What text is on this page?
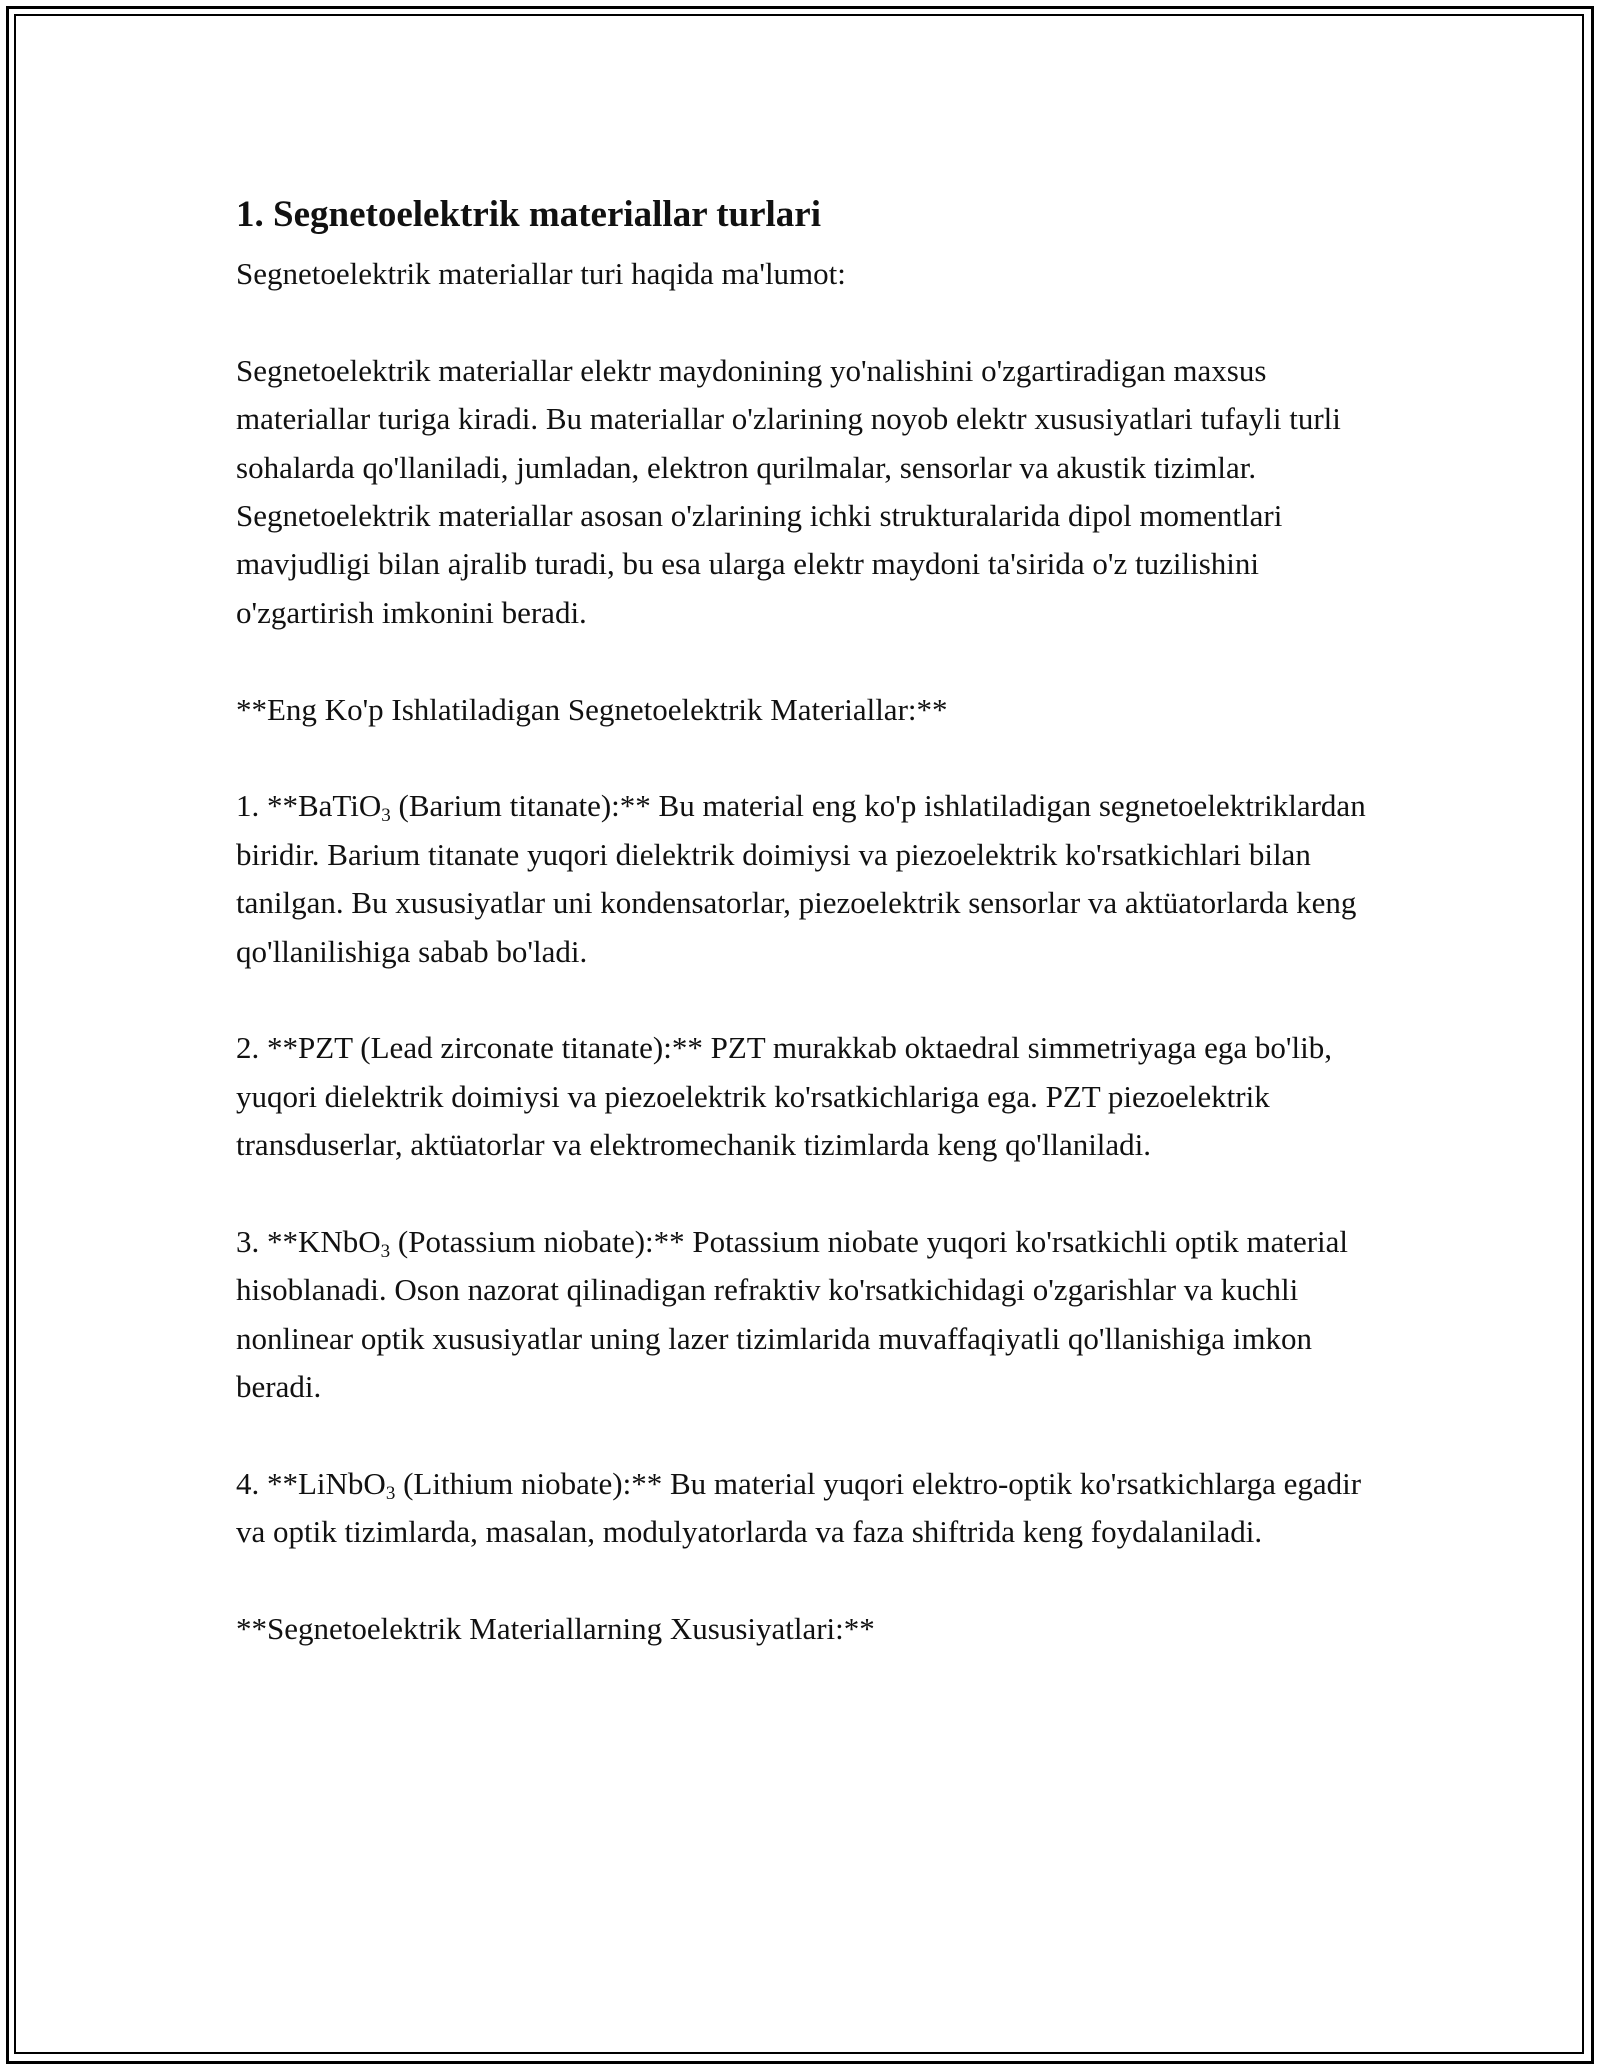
1. Segnetoelektrik materiallar turlari

Segnetoelektrik materiallar turi haqida ma'lumot:

Segnetoelektrik materiallar elektr maydonining yo'nalishini o'zgartiradigan maxsus materiallar turiga kiradi. Bu materiallar o'zlarining noyob elektr xususiyatlari tufayli turli sohalarda qo'llaniladi, jumladan, elektron qurilmalar, sensorlar va akustik tizimlar. Segnetoelektrik materiallar asosan o'zlarining ichki strukturalarida dipol momentlari mavjudligi bilan ajralib turadi, bu esa ularga elektr maydoni ta'sirida o'z tuzilishini o'zgartirish imkonini beradi.

**Eng Ko'p Ishlatiladigan Segnetoelektrik Materiallar:**

1. **BaTiO$_3$ (Barium titanate):** Bu material eng ko'p ishlatiladigan segnetoelektriklardan biridir. Barium titanate yuqori dielektrik doimiysi va piezoelektrik ko'rsatkichlari bilan tanilgan. Bu xususiyatlar uni kondensatorlar, piezoelektrik sensorlar va aktüatorlarda keng qo'llanilishiga sabab bo'ladi.

2. **PZT (Lead zirconate titanate):** PZT murakkab oktaedral simmetriyaga ega bo'lib, yuqori dielektrik doimiysi va piezoelektrik ko'rsatkichlariga ega. PZT piezoelektrik transduserlar, aktüatorlar va elektromechanik tizimlarda keng qo'llaniladi.

3. **KNbO$_3$ (Potassium niobate):** Potassium niobate yuqori ko'rsatkichli optik material hisoblanadi. Oson nazorat qilinadigan refraktiv ko'rsatkichidagi o'zgarishlar va kuchli nonlinear optik xususiyatlar uning lazer tizimlarida muvaffaqiyatli qo'llanishiga imkon beradi.

4. **LiNbO$_3$ (Lithium niobate):** Bu material yuqori elektro-optik ko'rsatkichlarga egadir va optik tizimlarda, masalan, modulyatorlarda va faza shiftrida keng foydalaniladi.

**Segnetoelektrik Materiallarning Xususiyatlari:**
